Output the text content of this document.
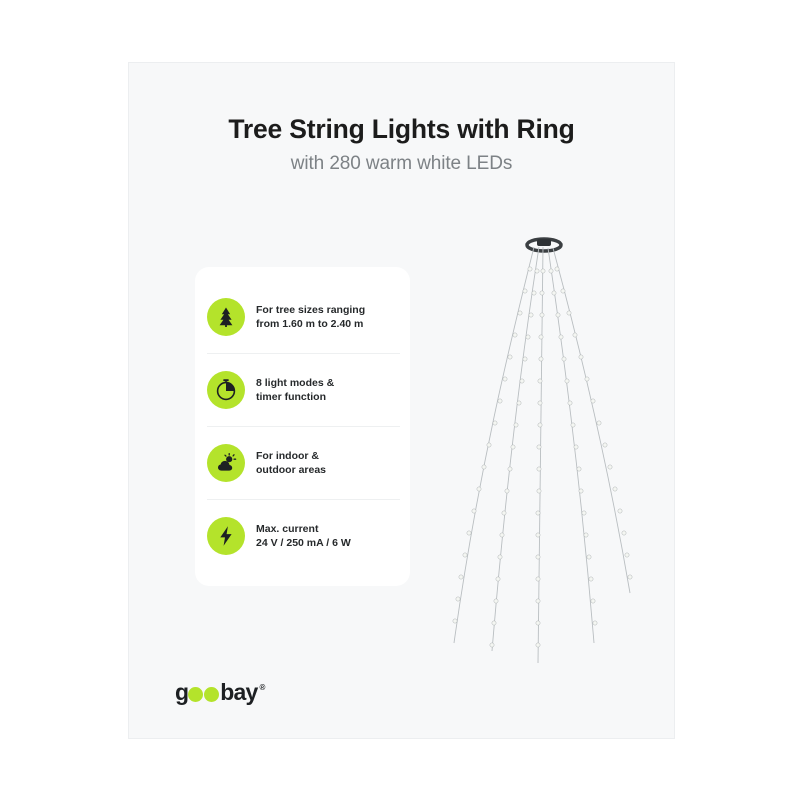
Tree String Lights with Ring
with 280 warm white LEDs
For tree sizes ranging
from 1.60 m to 2.40 m
8 light modes &
timer function
For indoor &
outdoor areas
Max. current
24 V / 250 mA / 6 W
g bay ®
